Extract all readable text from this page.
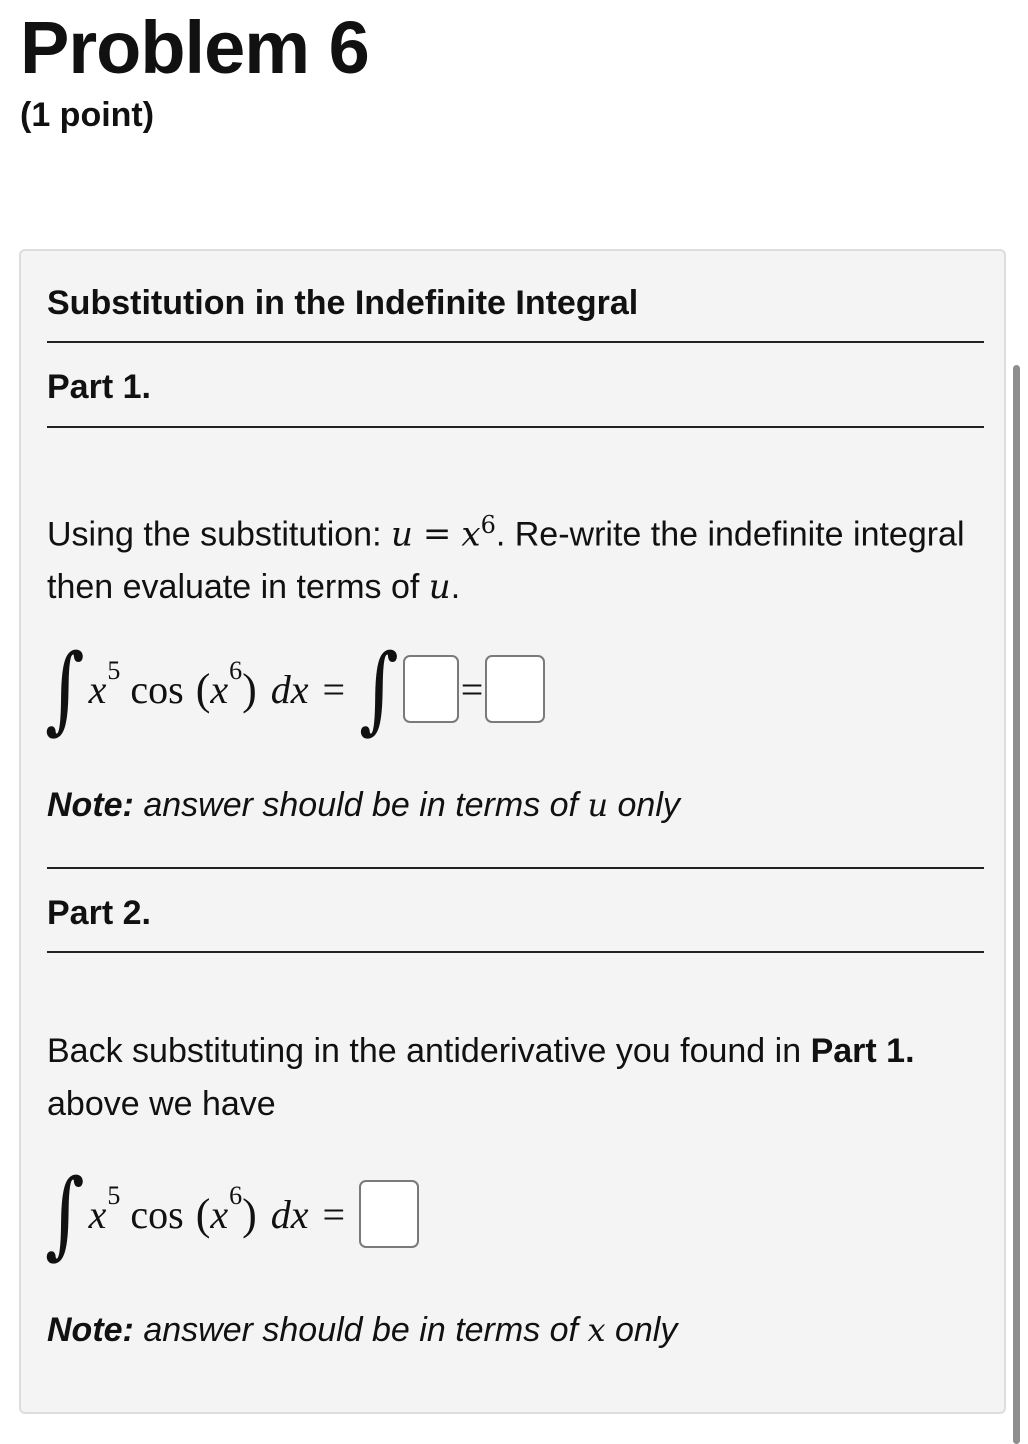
Problem 6
(1 point)
Substitution in the Indefinite Integral
Part 1.
Using the substitution: $u = x^6$. Re-write the indefinite integral then evaluate in terms of u.
∫ x 5 cos ( x 6 ) dx = ∫ =
Note: answer should be in terms of u only
Part 2.
Back substituting in the antiderivative you found in Part 1. above we have
∫ x 5 cos ( x 6 ) dx =
Note: answer should be in terms of x only
